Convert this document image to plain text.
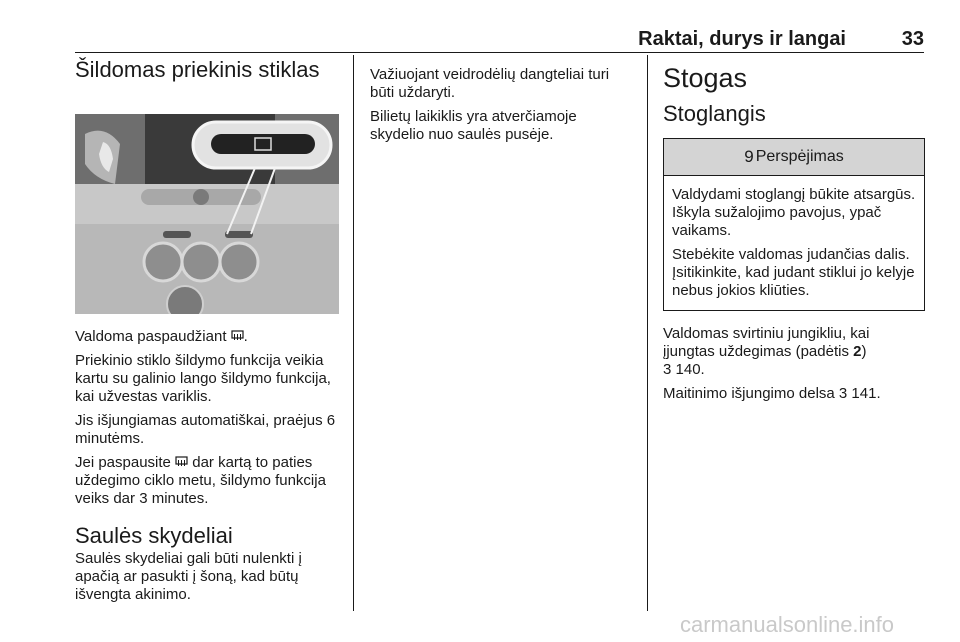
Raktai, durys ir langai	33
Šildomas priekinis stiklas

Valdoma paspaudžiant .

Priekinio stiklo šildymo funkcija veikia kartu su galinio lango šildymo funkcija, kai užvestas variklis.

Jis išjungiamas automatiškai, praėjus 6 minutėms.

Jei paspausite  dar kartą to paties uždegimo ciklo metu, šildymo funkcija veiks dar 3 minutes.

Saulės skydeliai

Saulės skydeliai gali būti nulenkti į apačią ar pasukti į šoną, kad būtų išvengta akinimo.

Važiuojant veidrodėlių dangteliai turi būti uždaryti.

Bilietų laikiklis yra atverčiamoje skydelio nuo saulės pusėje.

Stogas
Stoglangis
9 Perspėjimas

Valdydami stoglangį būkite atsargūs. Iškyla sužalojimo pavojus, ypač vaikams.

Stebėkite valdomas judančias dalis. Įsitikinkite, kad judant stiklui jo kelyje nebus jokios kliūties.

Valdomas svirtiniu jungikliu, kai įjungtas uždegimas (padėtis 2)
3 140.

Maitinimo išjungimo delsa 3 141.

carmanualsonline.info
